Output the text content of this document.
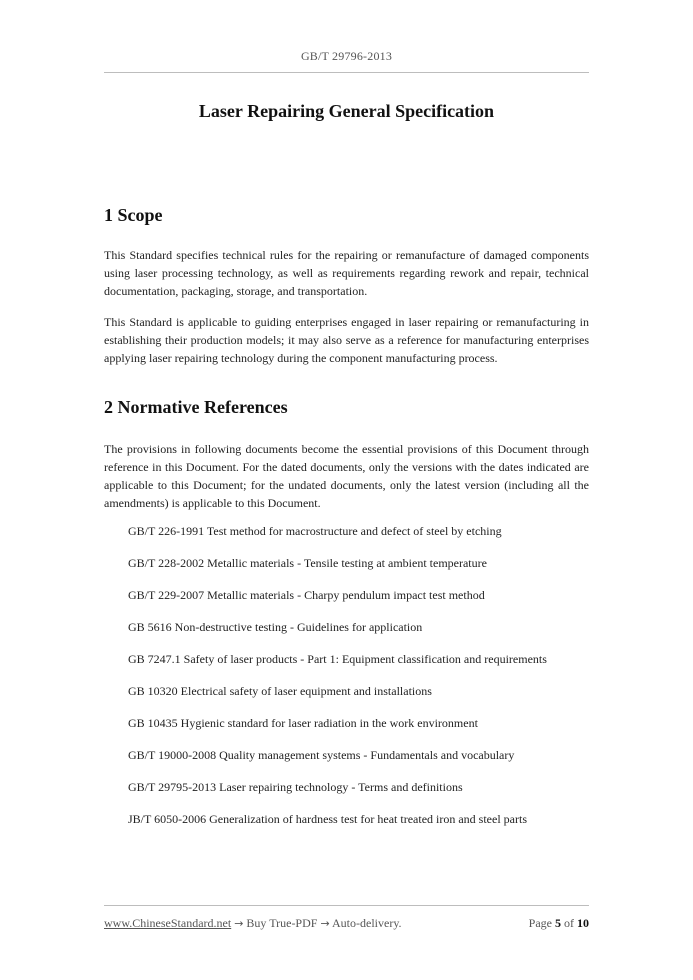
GB/T 29796-2013
Laser Repairing General Specification
1 Scope

This Standard specifies technical rules for the repairing or remanufacture of damaged components using laser processing technology, as well as requirements regarding rework and repair, technical documentation, packaging, storage, and transportation.

This Standard is applicable to guiding enterprises engaged in laser repairing or remanufacturing in establishing their production models; it may also serve as a reference for manufacturing enterprises applying laser repairing technology during the component manufacturing process.

2 Normative References

The provisions in following documents become the essential provisions of this Document through reference in this Document. For the dated documents, only the versions with the dates indicated are applicable to this Document; for the undated documents, only the latest version (including all the amendments) is applicable to this Document.

GB/T 226-1991 Test method for macrostructure and defect of steel by etching
GB/T 228-2002 Metallic materials - Tensile testing at ambient temperature
GB/T 229-2007 Metallic materials - Charpy pendulum impact test method
GB 5616 Non-destructive testing - Guidelines for application
GB 7247.1 Safety of laser products - Part 1: Equipment classification and requirements
GB 10320 Electrical safety of laser equipment and installations
GB 10435 Hygienic standard for laser radiation in the work environment
GB/T 19000-2008 Quality management systems - Fundamentals and vocabulary
GB/T 29795-2013 Laser repairing technology - Terms and definitions
JB/T 6050-2006 Generalization of hardness test for heat treated iron and steel parts
www.ChineseStandard.net → Buy True-PDF → Auto-delivery.	Page 5 of 10
